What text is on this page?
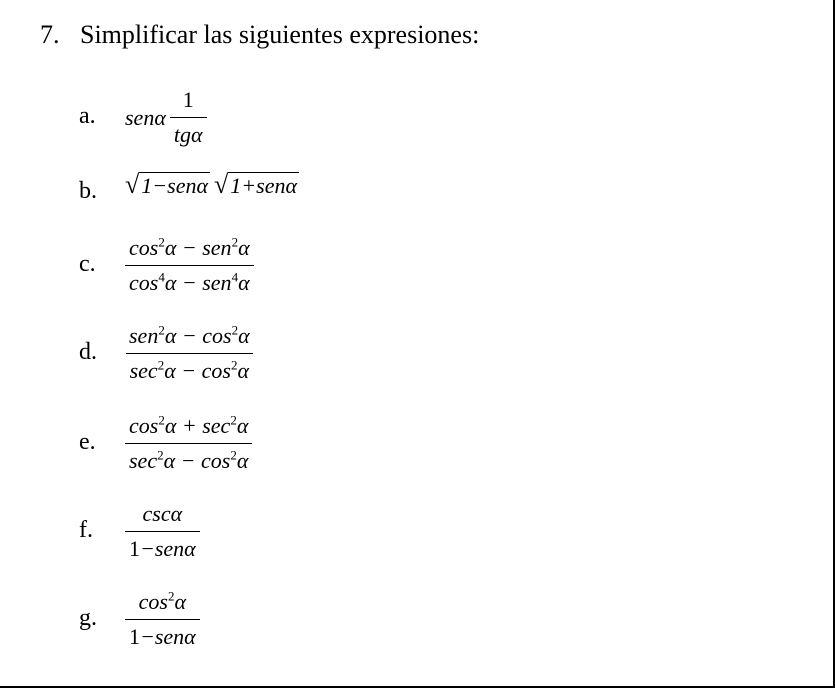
7. Simplificar las siguientes expresiones:
a. senα $\frac{1}{\text{tgα}}$
b. √ 1−senα √ 1+senα
c. $\frac{\cos^2\alpha - sen^2\alpha}{\cos^4\alpha - sen^4\alpha}$
d. $\frac{sen^2\alpha - \cos^2\alpha}{\sec^2\alpha - \cos^2\alpha}$
e. $\frac{\cos^2\alpha + \sec^2\alpha}{\sec^2\alpha - \cos^2\alpha}$
f. $\frac{\csc\alpha}{\text{1−senα}}$
g. $\frac{\cos^2\alpha}{\text{1−senα}}$
